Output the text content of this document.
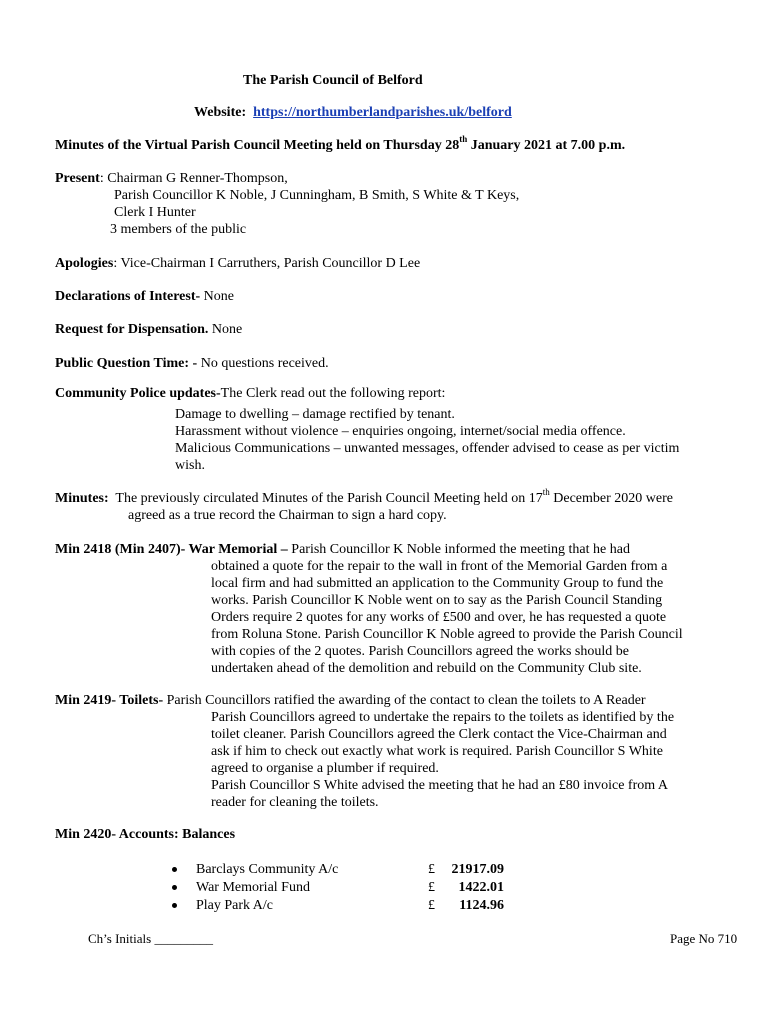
The Parish Council of Belford
Website: https://northumberlandparishes.uk/belford
Minutes of the Virtual Parish Council Meeting held on Thursday 28th January 2021 at 7.00 p.m.
Present: Chairman G Renner-Thompson,
Parish Councillor K Noble, J Cunningham, B Smith, S White & T Keys,
Clerk I Hunter
3 members of the public
Apologies: Vice-Chairman I Carruthers, Parish Councillor D Lee
Declarations of Interest- None
Request for Dispensation. None
Public Question Time: - No questions received.
Community Police updates-The Clerk read out the following report:
Damage to dwelling – damage rectified by tenant.
Harassment without violence – enquiries ongoing, internet/social media offence.
Malicious Communications – unwanted messages, offender advised to cease as per victim
wish.
Minutes:  The previously circulated Minutes of the Parish Council Meeting held on 17th December 2020 were
agreed as a true record the Chairman to sign a hard copy.
Min 2418 (Min 2407)- War Memorial – Parish Councillor K Noble informed the meeting that he had
obtained a quote for the repair to the wall in front of the Memorial Garden from a
local firm and had submitted an application to the Community Group to fund the
works. Parish Councillor K Noble went on to say as the Parish Council Standing
Orders require 2 quotes for any works of £500 and over, he has requested a quote
from Roluna Stone. Parish Councillor K Noble agreed to provide the Parish Council
with copies of the 2 quotes. Parish Councillors agreed the works should be
undertaken ahead of the demolition and rebuild on the Community Club site.
Min 2419- Toilets- Parish Councillors ratified the awarding of the contact to clean the toilets to A Reader
Parish Councillors agreed to undertake the repairs to the toilets as identified by the
toilet cleaner. Parish Councillors agreed the Clerk contact the Vice-Chairman and
ask if him to check out exactly what work is required. Parish Councillor S White
agreed to organise a plumber if required.
Parish Councillor S White advised the meeting that he had an £80 invoice from A
reader for cleaning the toilets.
Min 2420- Accounts: Balances
Barclays Community A/c	£	21917.09
War Memorial Fund	£	1422.01
Play Park A/c	£	1124.96
Ch’s Initials _________	Page No 710
